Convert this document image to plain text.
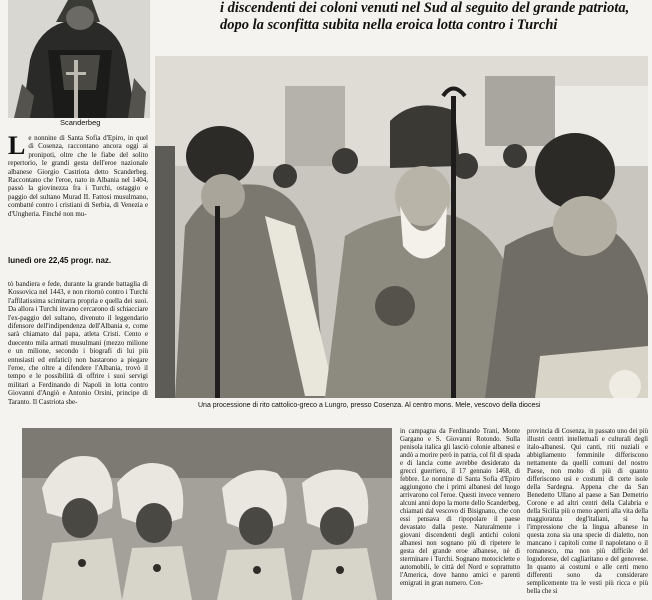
Scanderbeg
i discendenti dei coloni venuti nel Sud al seguito del grande patriota, dopo la sconfitta subita nella eroica lotta contro i Turchi
L e nonnine di Santa Sofia d'Epiro, in quel di Cosenza, raccontano ancora oggi ai pronipoti, oltre che le fiabe del solito repertorio, le grandi gesta dell'eroe nazionale albanese Giorgio Castriota detto Scanderbeg. Raccontano che l'eroe, nato in Albania nel 1404, passò la giovinezza fra i Turchi, ostaggio e paggio del sultano Murad II. Fattosi musulmano, combatté contro i cristiani di Serbia, di Venezia e d'Ungheria. Finché non mu-
lunedì ore 22,45 progr. naz.

tò bandiera e fede, durante la grande battaglia di Kossovica nel 1443, e non ritornò contro i Turchi l'affilatissima scimitarra propria e quella dei suoi. Da allora i Turchi invano cercarono di schiacciare l'ex-paggio del sultano, divenuto il leggendario difensore dell'indipendenza dell'Albania e, come sarà chiamato dal papa, atleta Cristi. Cento e duecento mila armati musulmani (mezzo milione e un milione, secondo i biografi di lui più entusiasti ed enfatici) non bastarono a piegare l'eroe, che oltre a difendere l'Albania, trovò il tempo e le possibilità di offrire i suoi servigi militari a Ferdinando di Napoli in lotta contro Giovanni d'Angiò e Antonio Orsini, principe di Taranto. Il Castriota sbe-	Una processione di rito cattolico-greco a Lungro, presso Cosenza. Al centro mons. Mele, vescovo della diocesi

in campagna da Ferdinando Trani, Monte Gargano e S. Giovanni Rotondo. Sulla penisola italica gli lasciò colonie albanesi e andò a morire però in patria, col fil di spada e di lancia come avrebbe desiderato da grecci guerriero, il 17 gennaio 1468, di febbre. Le nonnine di Santa Sofia d'Epiro aggiungono che i primi albanesi del luogo arrivarono col l'eroe. Questi invece vennero alcuni anni dopo la morte dello Scanderbeg, chiamati dal vescovo di Bisignano, che con essi pensava di ripopolare il paese devastato dalla peste. Naturalmente i giovani discendenti degli antichi coloni albanesi non sognano più di ripetere le gesta del grande eroe albanese, nè di sterminare i Turchi. Sognano motociclette e automobili, le città del Nord e soprattutto l'America, dove hanno amici e parenti emigrati in gran numero. Con-

provincia di Cosenza, in passato uno dei più illustri centri intellettuali e culturali degli italo-albanesi. Qui canti, riti nuziali e abbigliamento femminile differiscono nettamente da quelli comuni del nostro Paese, non molto di più di quanto differiscono usi e costumi di certe isole della Sardegna. Appena che da San Benedetto Ullano al paese a San Demetrio Corone e ad altri centri della Calabria e della Sicilia più o meno aperti alla vita della maggioranza degl'italiani, si ha l'impressione che la lingua albanese in questa zona sia una specie di dialetto, non mancano i capitoli come il napoletano o il romanesco, ma non più difficile del logudorese, del cagliaritano e del genovese. In quanto ai costumi e alle certi meno differenti sono da considerare semplicemente tra le vesti più ricca e più bella che si
